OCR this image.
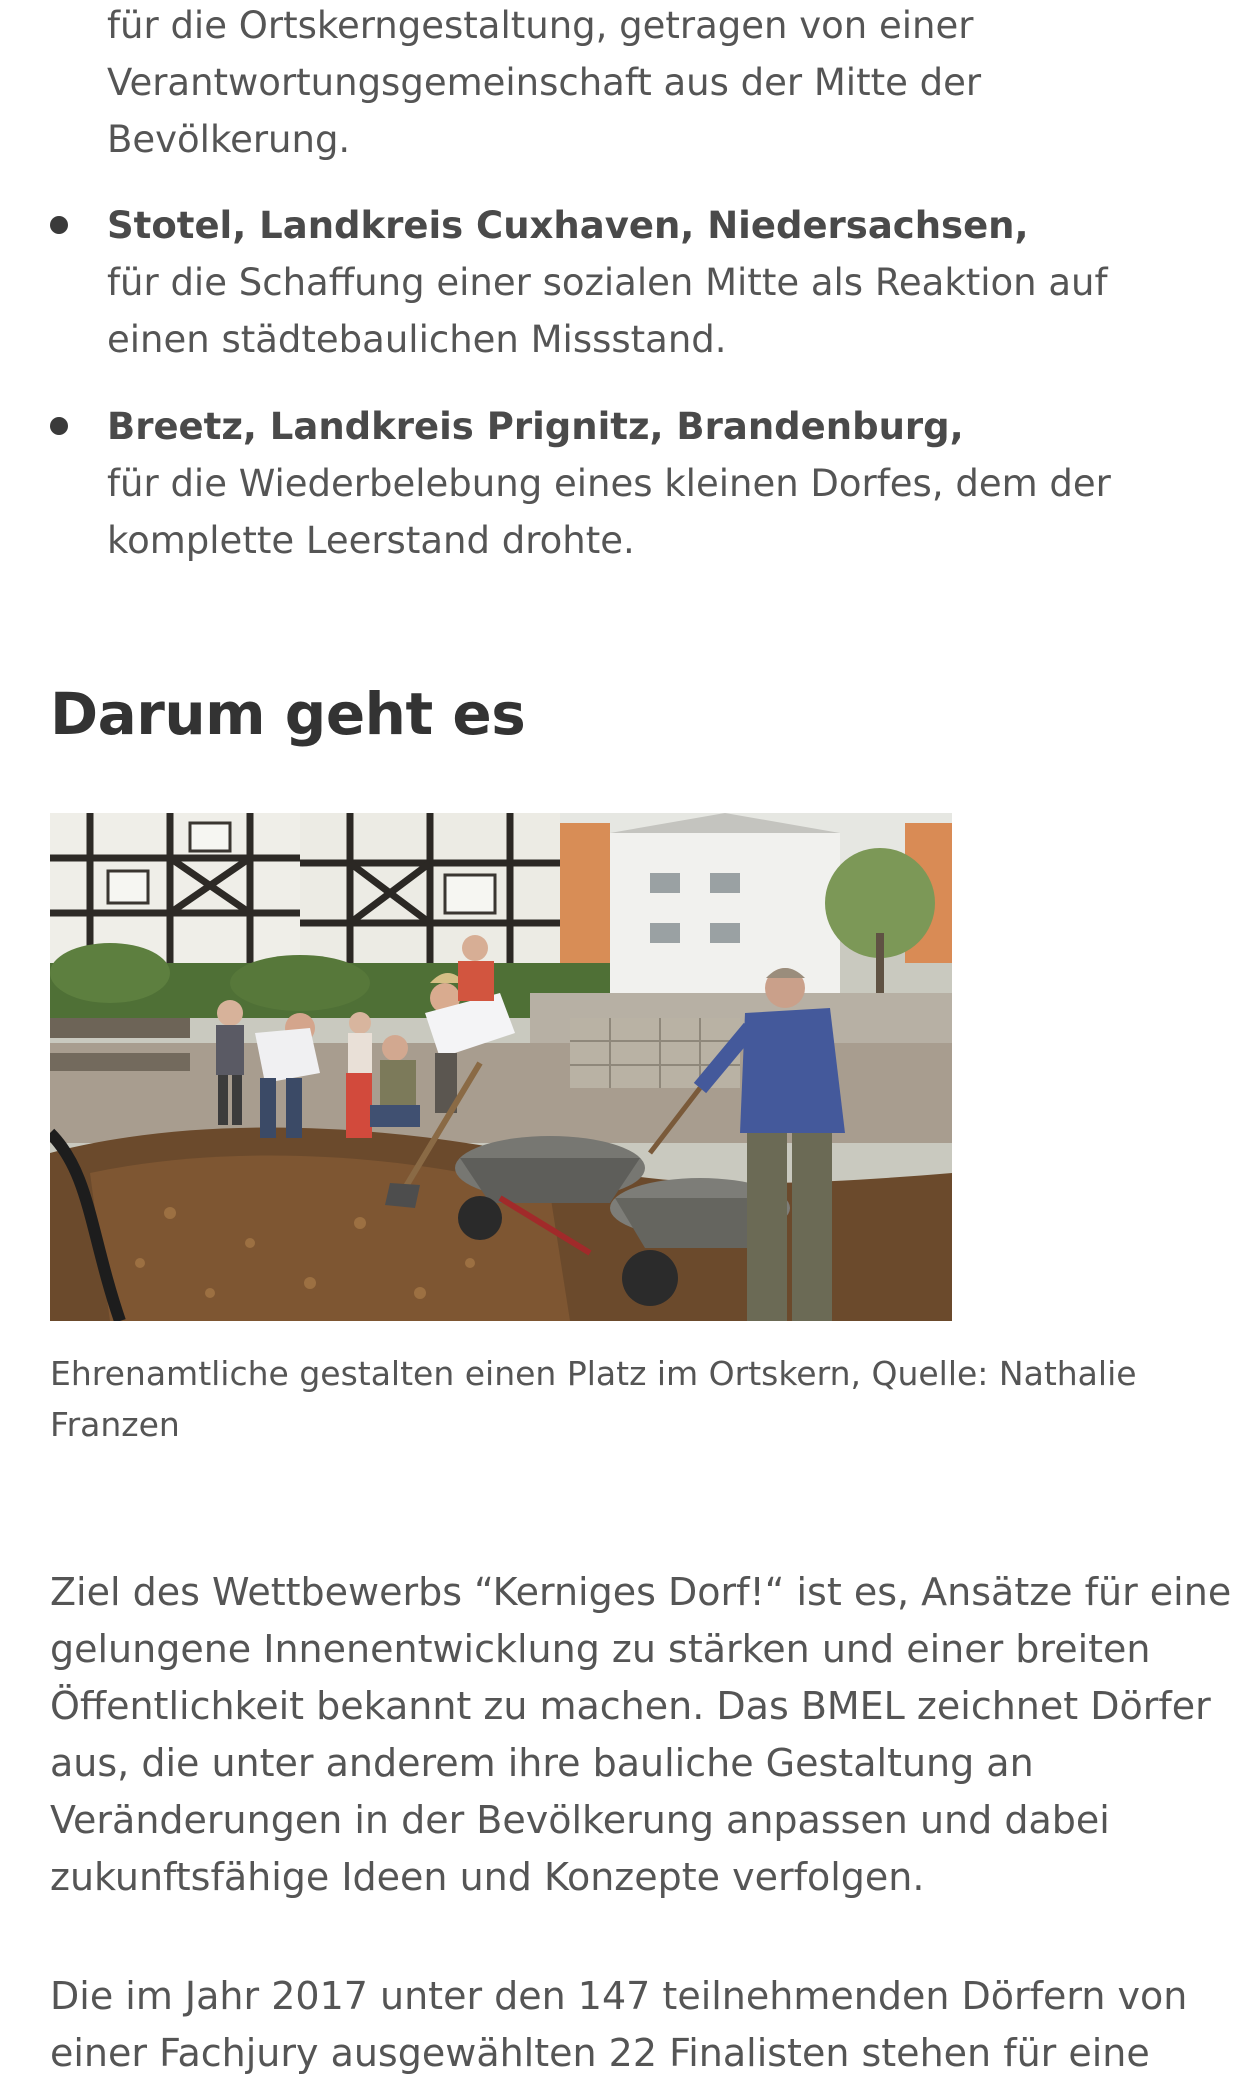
für die Ortskerngestaltung, getragen von einer
Verantwortungsgemeinschaft aus der Mitte der
Bevölkerung.
Stotel, Landkreis Cuxhaven, Niedersachsen,
für die Schaffung einer sozialen Mitte als Reaktion auf
einen städtebaulichen Missstand.
Breetz, Landkreis Prignitz, Brandenburg,
für die Wiederbelebung eines kleinen Dorfes, dem der
komplette Leerstand drohte.
Darum geht es
Ehrenamtliche gestalten einen Platz im Ortskern, Quelle: Nathalie
Franzen
Ziel des Wettbewerbs “Kerniges Dorf!“ ist es, Ansätze für eine
gelungene Innenentwicklung zu stärken und einer breiten
Öffentlichkeit bekannt zu machen. Das BMEL zeichnet Dörfer
aus, die unter anderem ihre bauliche Gestaltung an
Veränderungen in der Bevölkerung anpassen und dabei
zukunftsfähige Ideen und Konzepte verfolgen.
Die im Jahr 2017 unter den 147 teilnehmenden Dörfern von
einer Fachjury ausgewählten 22 Finalisten stehen für eine
